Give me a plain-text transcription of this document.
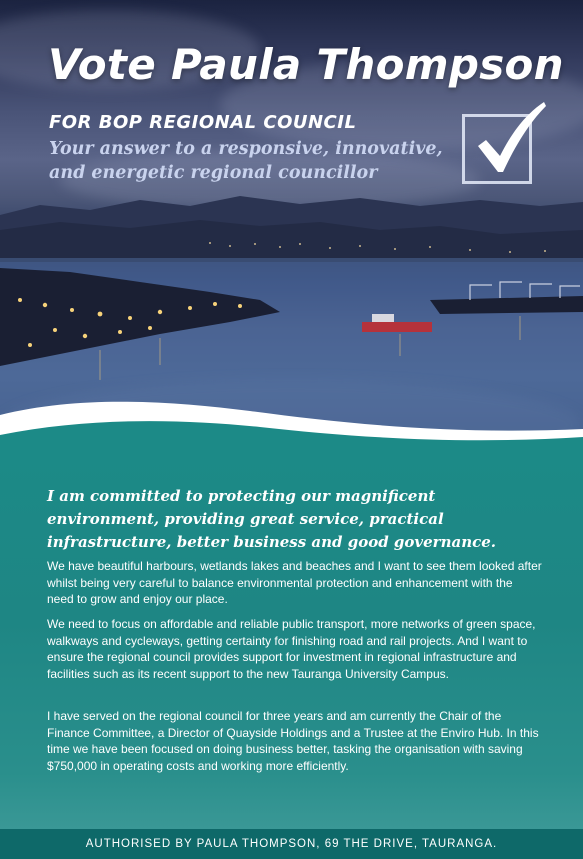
Vote Paula Thompson
FOR BOP REGIONAL COUNCIL
Your answer to a responsive, innovative, and energetic regional councillor

I am committed to protecting our magnificent environment, providing great service, practical infrastructure, better business and good governance.

We have beautiful harbours, wetlands lakes and beaches and I want to see them looked after whilst being very careful to balance environmental protection and enhancement with the need to grow and enjoy our place.

We need to focus on affordable and reliable public transport, more networks of green space, walkways and cycleways, getting certainty for finishing road and rail projects. And I want to ensure the regional council provides support for investment in regional infrastructure and facilities such as its recent support to the new Tauranga University Campus.

I have served on the regional council for three years and am currently the Chair of the Finance Committee, a Director of Quayside Holdings and a Trustee at the Enviro Hub. In this time we have been focused on doing business better, tasking the organisation with saving $750,000 in operating costs and working more efficiently.

AUTHORISED BY PAULA THOMPSON, 69 THE DRIVE, TAURANGA.
